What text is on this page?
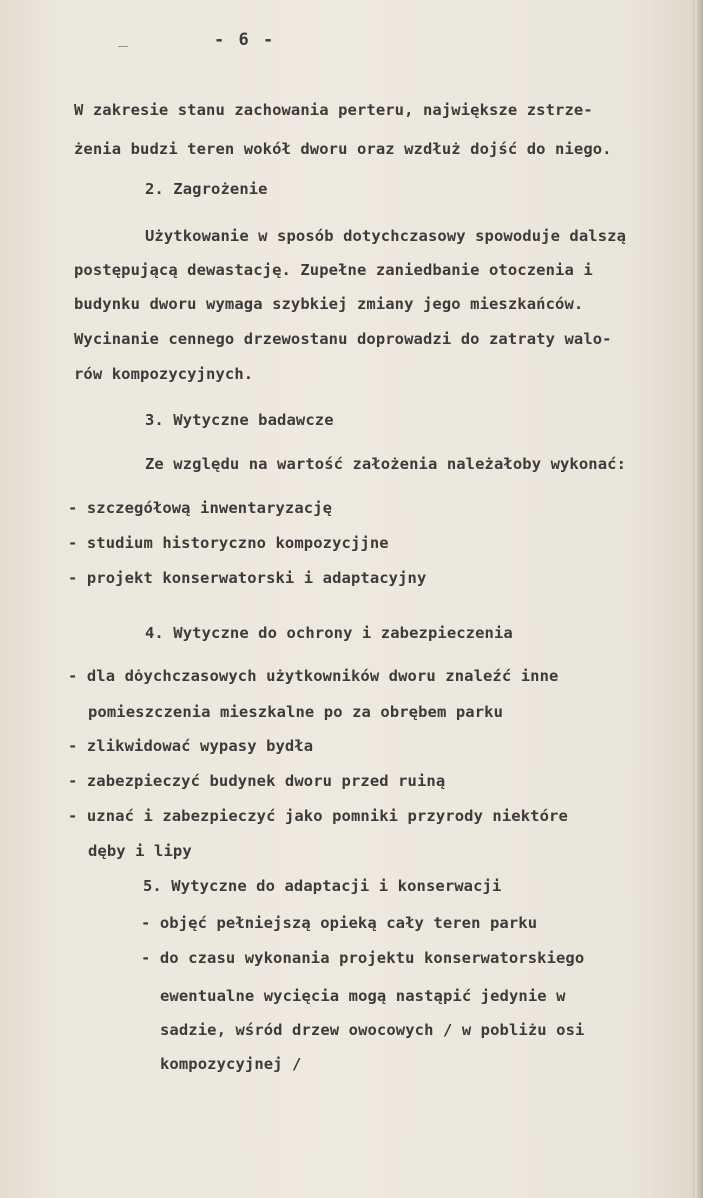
- 6 -
W zakresie stanu zachowania perteru, największe zstrze-
żenia budzi teren wokół dworu oraz wzdłuż dojść do niego.
2. Zagrożenie
Użytkowanie w sposób dotychczasowy spowoduje dalszą
postępującą dewastację. Zupełne zaniedbanie otoczenia i
budynku dworu wymaga szybkiej zmiany jego mieszkańców.
Wycinanie cennego drzewostanu doprowadzi do zatraty walo-
rów kompozycyjnych.
3. Wytyczne badawcze
Ze względu na wartość założenia należałoby wykonać:
- szczegółową inwentaryzację
- studium historyczno kompozycjjne
- projekt konserwatorski i adaptacyjny
4. Wytyczne do ochrony i zabezpieczenia
- dla dȯychczasowych użytkowników dworu znaleźć inne
pomieszczenia mieszkalne po za obrębem parku
- zlikwidować wypasy bydła
- zabezpieczyć budynek dworu przed ruiną
- uznać i zabezpieczyć jako pomniki przyrody niektóre
dęby i lipy
5. Wytyczne do adaptacji i konserwacji
- objęć pełniejszą opieką cały teren parku
- do czasu wykonania projektu konserwatorskiego
ewentualne wycięcia mogą nastąpić jedynie w
sadzie, wśród drzew owocowych / w pobliżu osi
kompozycyjnej /
